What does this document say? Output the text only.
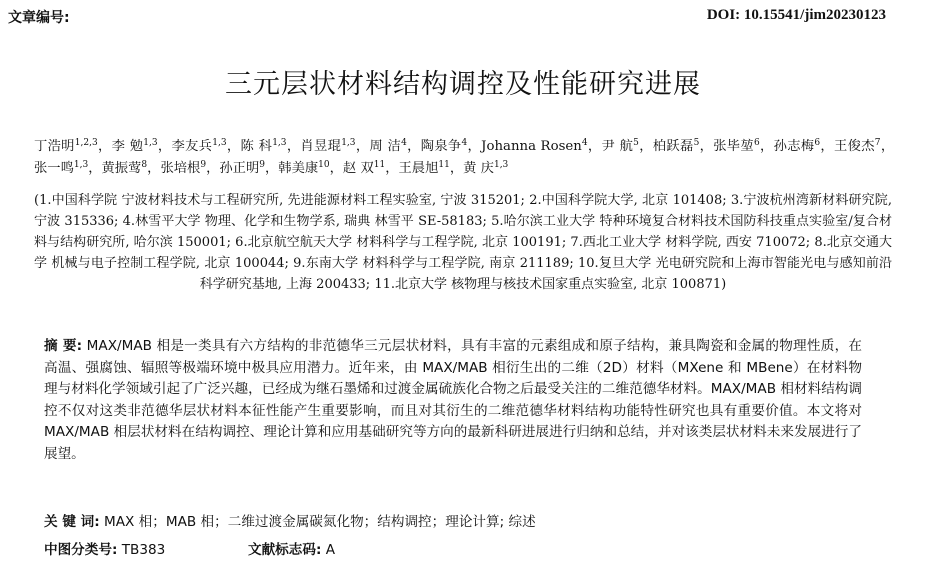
文章编号:	DOI: 10.15541/jim20230123
三元层状材料结构调控及性能研究进展
丁浩明$^{1,2,3}$，李 勉$^{1,3}$，李友兵$^{1,3}$，陈 科$^{1,3}$，肖昱琨$^{1,3}$，周 洁$^4$，陶泉争$^4$，Johanna Rosen$^4$，尹 航$^5$，柏跃磊$^5$，张毕堃$^6$，孙志梅$^6$，王俊杰$^7$，张一鸣$^{1,3}$，黄振莺$^8$，张培根$^9$，孙正明$^9$，韩美康$^{10}$，赵 双$^{11}$，王晨旭$^{11}$，黄 庆$^{1,3}$
(1.中国科学院 宁波材料技术与工程研究所, 先进能源材料工程实验室, 宁波 315201; 2.中国科学院大学, 北京 101408; 3.宁波杭州湾新材料研究院, 宁波 315336; 4.林雪平大学 物理、化学和生物学系, 瑞典 林雪平 SE-58183; 5.哈尔滨工业大学 特种环境复合材料技术国防科技重点实验室/复合材料与结构研究所, 哈尔滨 150001; 6.北京航空航天大学 材料科学与工程学院, 北京 100191; 7.西北工业大学 材料学院, 西安 710072; 8.北京交通大学 机械与电子控制工程学院, 北京 100044; 9.东南大学 材料科学与工程学院, 南京 211189; 10.复旦大学 光电研究院和上海市智能光电与感知前沿科学研究基地, 上海 200433; 11.北京大学 核物理与核技术国家重点实验室, 北京 100871)
摘 要: MAX/MAB 相是一类具有六方结构的非范德华三元层状材料，具有丰富的元素组成和原子结构，兼具陶瓷和金属的物理性质，在高温、强腐蚀、辐照等极端环境中极具应用潜力。近年来，由 MAX/MAB 相衍生出的二维（2D）材料（MXene 和 MBene）在材料物理与材料化学领域引起了广泛兴趣，已经成为继石墨烯和过渡金属硫族化合物之后最受关注的二维范德华材料。MAX/MAB 相材料结构调控不仅对这类非范德华层状材料本征性能产生重要影响，而且对其衍生的二维范德华材料结构功能特性研究也具有重要价值。本文将对 MAX/MAB 相层状材料在结构调控、理论计算和应用基础研究等方向的最新科研进展进行归纳和总结，并对该类层状材料未来发展进行了展望。
关 键 词: MAX 相；MAB 相；二维过渡金属碳氮化物；结构调控；理论计算; 综述
中图分类号: TB383	文献标志码: A
